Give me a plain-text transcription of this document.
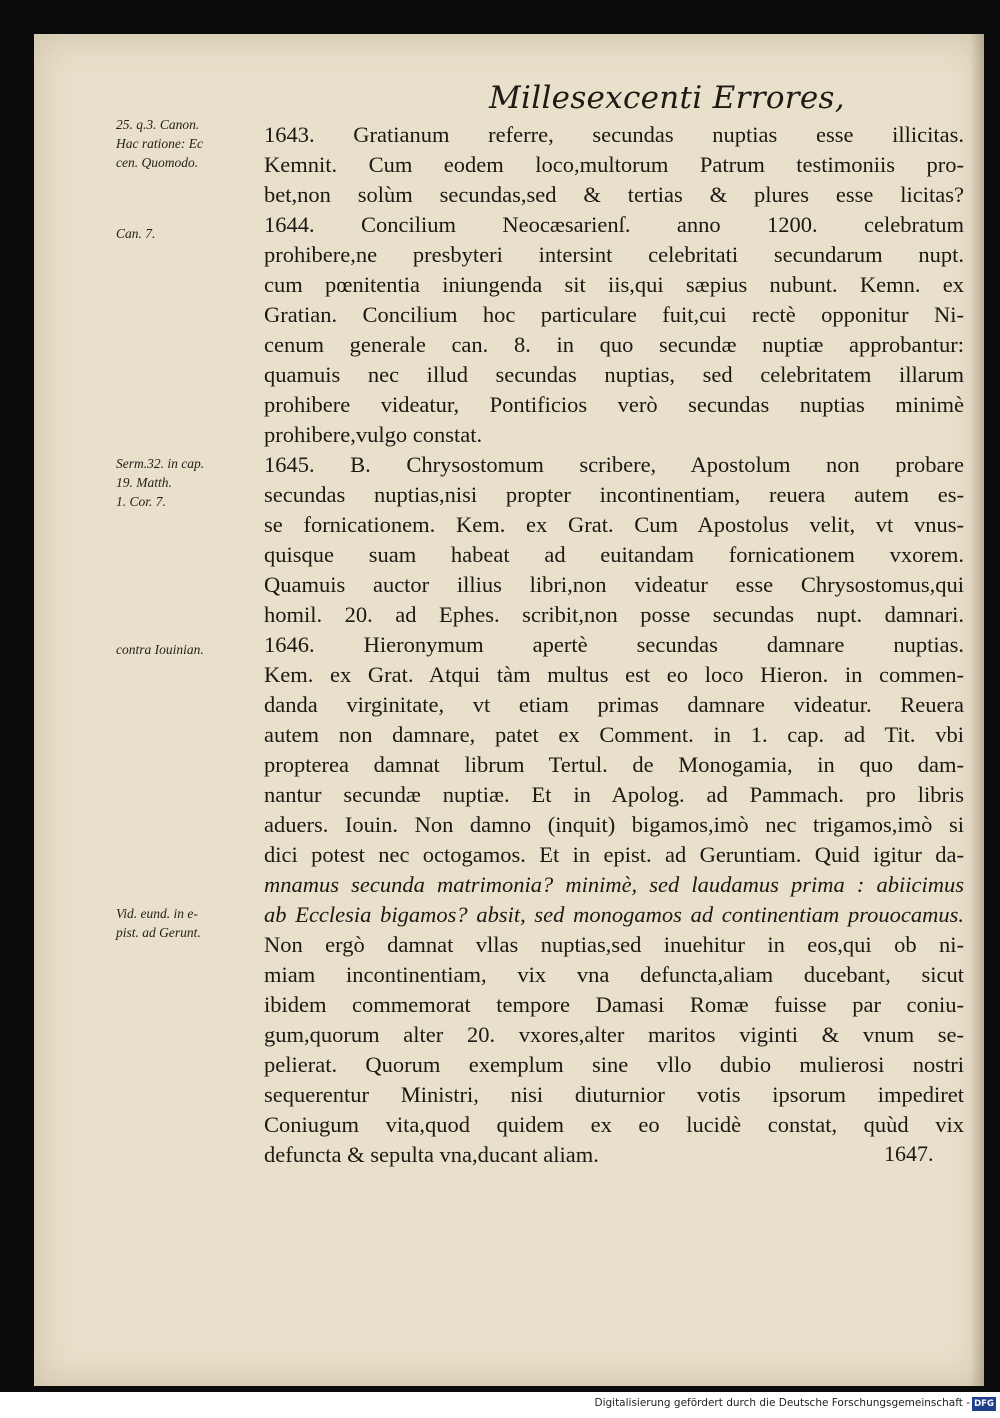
Millesexcenti Errores,
25. q.3. Canon.
Hac ratione: Ec
cen. Quomodo.
Can. 7.
Serm.32. in cap.
19. Matth.
1. Cor. 7.
contra Iouinian.
Vid. eund. in e-
pist. ad Gerunt.
1643. Gratianum referre, secundas nuptias esse illicitas.
Kemnit. Cum eodem loco,multorum Patrum testimoniis pro-
bet,non solùm secundas,sed & tertias & plures esse licitas?
1644. Concilium Neocæsarienſ. anno 1200. celebratum
prohibere,ne presbyteri intersint celebritati secundarum nupt.
cum pœnitentia iniungenda sit iis,qui sæpius nubunt. Kemn. ex
Gratian. Concilium hoc particulare fuit,cui rectè opponitur Ni-
cenum generale can. 8. in quo secundæ nuptiæ approbantur:
quamuis nec illud secundas nuptias, sed celebritatem illarum
prohibere videatur, Pontificios verò secundas nuptias minimè
prohibere,vulgo constat.
1645. B. Chrysostomum scribere, Apostolum non probare
secundas nuptias,nisi propter incontinentiam, reuera autem es-
se fornicationem. Kem. ex Grat. Cum Apostolus velit, vt vnus-
quisque suam habeat ad euitandam fornicationem vxorem.
Quamuis auctor illius libri,non videatur esse Chrysostomus,qui
homil. 20. ad Ephes. scribit,non posse secundas nupt. damnari.
1646. Hieronymum apertè secundas damnare nuptias.
Kem. ex Grat. Atqui tàm multus est eo loco Hieron. in commen-
danda virginitate, vt etiam primas damnare videatur. Reuera
autem non damnare, patet ex Comment. in 1. cap. ad Tit. vbi
propterea damnat librum Tertul. de Monogamia, in quo dam-
nantur secundæ nuptiæ. Et in Apolog. ad Pammach. pro libris
aduers. Iouin. Non damno (inquit) bigamos,imò nec trigamos,imò si
dici potest nec octogamos. Et in epist. ad Geruntiam. Quid igitur da-
mnamus secunda matrimonia? minimè, sed laudamus prima : abiicimus
ab Ecclesia bigamos? absit, sed monogamos ad continentiam prouocamus.
Non ergò damnat vllas nuptias,sed inuehitur in eos,qui ob ni-
miam incontinentiam, vix vna defuncta,aliam ducebant, sicut
ibidem commemorat tempore Damasi Romæ fuisse par coniu-
gum,quorum alter 20. vxores,alter maritos viginti & vnum se-
pelierat. Quorum exemplum sine vllo dubio mulierosi nostri
sequerentur Ministri, nisi diuturnior votis ipsorum impediret
Coniugum vita,quod quidem ex eo lucidè constat, quùd vix
defuncta & sepulta vna,ducant aliam.	1647.
Digitalisierung gefördert durch die Deutsche Forschungsgemeinschaft - DFG
